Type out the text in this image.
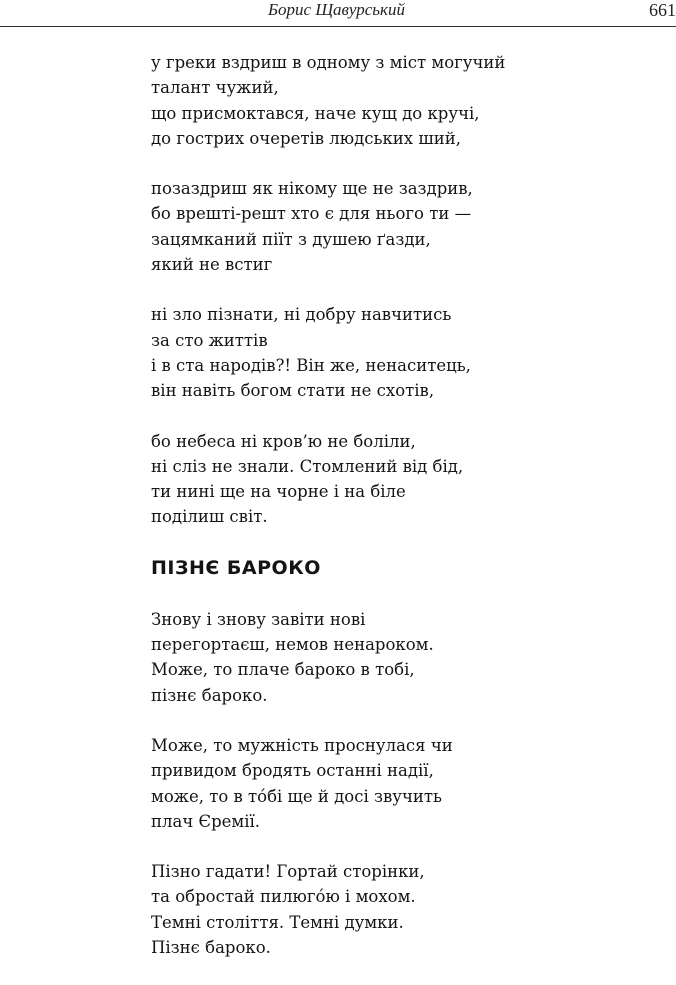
Борис Щавурський	661
у греки вздриш в одному з міст могучий
талант чужий,
що присмоктався, наче кущ до кручі,
до гострих очеретів людських ший,
позаздриш як нікому ще не заздрив,
бо врешті-решт хто є для нього ти —
зацямканий піїт з душею ґазди,
який не встиг
ні зло пізнати, ні добру навчитись
за сто життів
і в ста народів?! Він же, ненаситець,
він навіть богом стати не схотів,
бо небеса ні кров’ю не боліли,
ні сліз не знали. Стомлений від бід,
ти нині ще на чорне і на біле
поділиш світ.
ПІЗНЄ БАРОКО
Знову і знову завіти нові
перегортаєш, немов ненароком.
Може, то плаче бароко в тобі,
пізнє бароко.
Може, то мужність проснулася чи
привидом бродять останні надії,
може, то в то́бі ще й досі звучить
плач Єремії.
Пізно гадати! Гортай сторінки,
та обростай пилюго́ю і мохом.
Темні століття. Темні думки.
Пізнє бароко.
